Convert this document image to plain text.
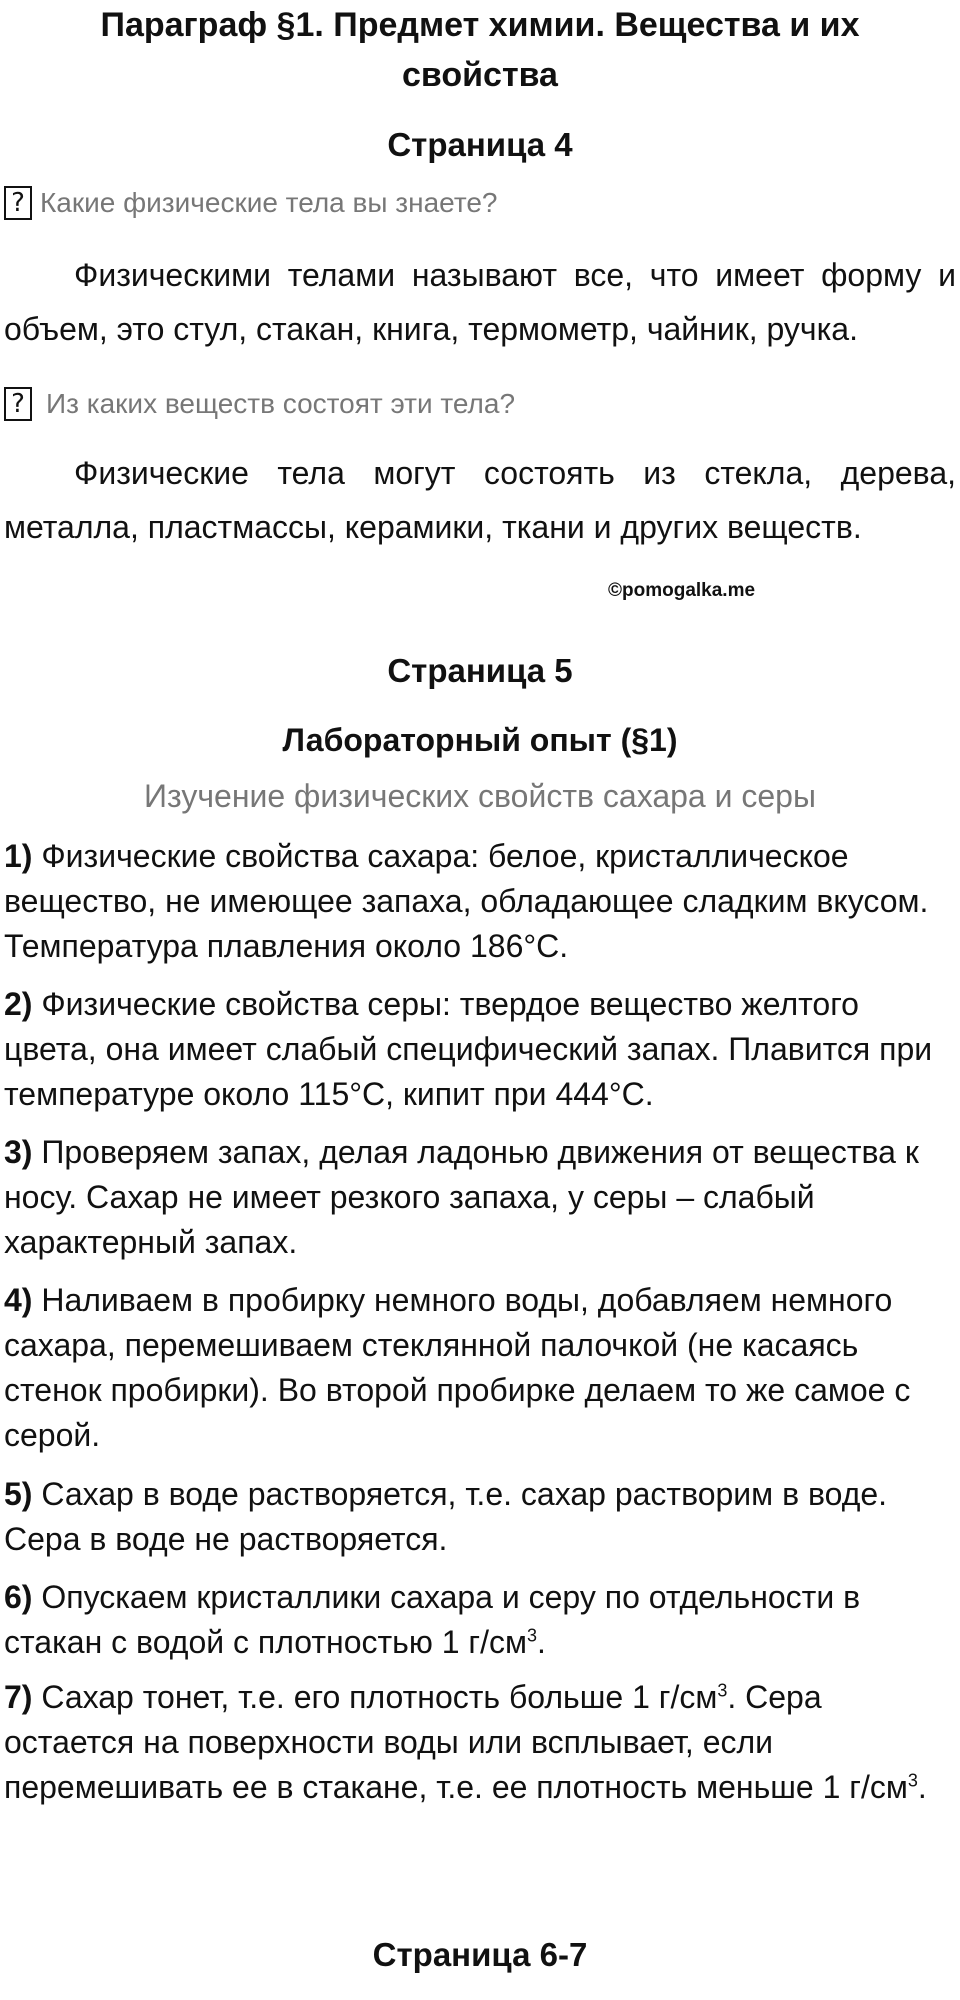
Параграф §1. Предмет химии. Вещества и их свойства
Страница 4
? Какие физические тела вы знаете?

Физическими телами называют все, что имеет форму и объем, это стул, стакан, книга, термометр, чайник, ручка.

? Из каких веществ состоят эти тела?

Физические тела могут состоять из стекла, дерева, металла, пластмассы, керамики, ткани и других веществ.

©pomogalka.me
Страница 5
Лабораторный опыт (§1)

Изучение физических свойств сахара и серы

1) Физические свойства сахара: белое, кристаллическое вещество, не имеющее запаха, обладающее сладким вкусом. Температура плавления около 186°С.

2) Физические свойства серы: твердое вещество желтого цвета, она имеет слабый специфический запах. Плавится при температуре около 115°С, кипит при 444°С.

3) Проверяем запах, делая ладонью движения от вещества к носу. Сахар не имеет резкого запаха, у серы – слабый характерный запах.

4) Наливаем в пробирку немного воды, добавляем немного сахара, перемешиваем стеклянной палочкой (не касаясь стенок пробирки). Во второй пробирке делаем то же самое с серой.

5) Сахар в воде растворяется, т.е. сахар растворим в воде. Сера в воде не растворяется.

6) Опускаем кристаллики сахара и серу по отдельности в стакан с водой с плотностью 1 $г/см^3$.

7) Сахар тонет, т.е. его плотность больше 1 $г/см^3$. Сера остается на поверхности воды или всплывает, если перемешивать ее в стакане, т.е. ее плотность меньше 1 $г/см^3$.

Страница 6-7
